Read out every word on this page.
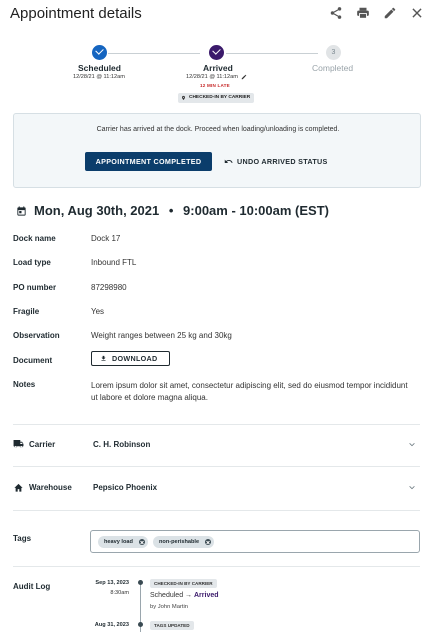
Appointment details
Scheduled
12/28/21 @ 11:12am
Arrived
12/28/21 @ 11:12am
12 MIN LATE
CHECKED-IN BY CARRIER
3
Completed
Carrier has arrived at the dock. Proceed when loading/unloading is completed.
APPOINTMENT COMPLETED	UNDO ARRIVED STATUS
Mon, Aug 30th, 2021 • 9:00am - 10:00am (EST)
Dock name	Dock 17
Load type	Inbound FTL
PO number	87298980
Fragile	Yes
Observation	Weight ranges between 25 kg and 30kg
Document	DOWNLOAD
Notes	Lorem ipsum dolor sit amet, consectetur adipiscing elit, sed do eiusmod tempor incididunt ut labore et dolore magna aliqua.
Carrier	C. H. Robinson
Warehouse	Pepsico Phoenix
Tags	heavy load	non-perishable
Audit Log	Sep 13, 2023
8:30am
CHECKED-IN BY CARRIER
Scheduled → Arrived
by John Martin
Aug 31, 2023	TAGS UPDATED
